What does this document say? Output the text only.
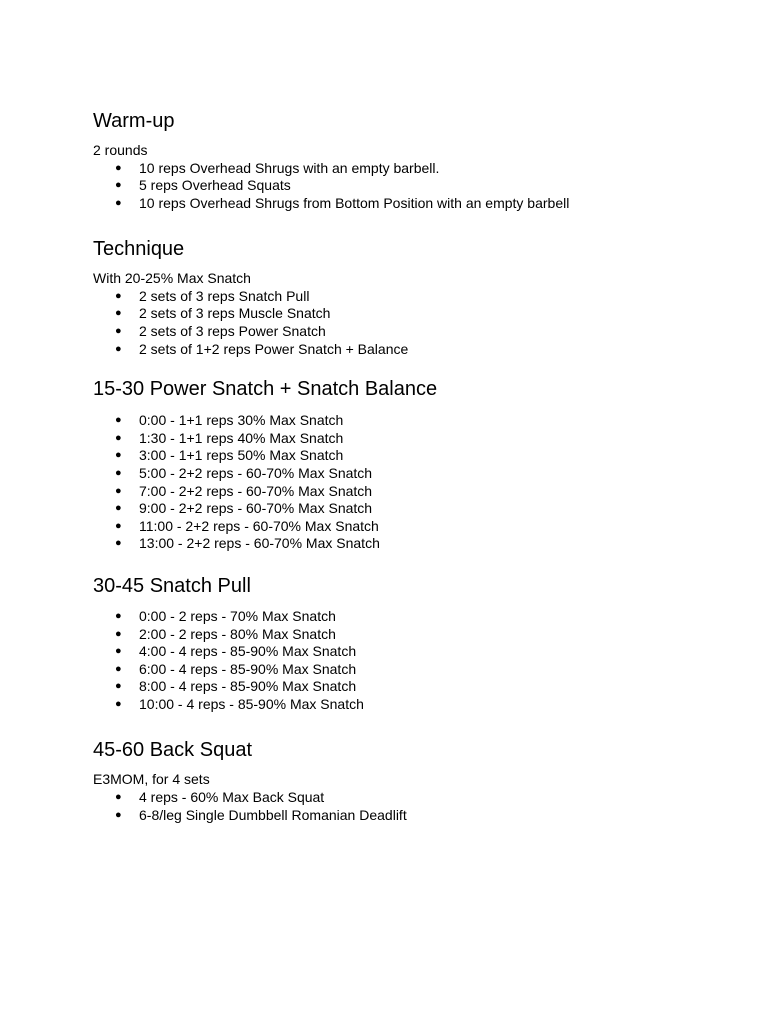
Warm-up

2 rounds

● 10 reps Overhead Shrugs with an empty barbell.
● 5 reps Overhead Squats
● 10 reps Overhead Shrugs from Bottom Position with an empty barbell
Technique

With 20-25% Max Snatch

● 2 sets of 3 reps Snatch Pull
● 2 sets of 3 reps Muscle Snatch
● 2 sets of 3 reps Power Snatch
● 2 sets of 1+2 reps Power Snatch + Balance
15-30 Power Snatch + Snatch Balance
● 0:00 - 1+1 reps 30% Max Snatch
● 1:30 - 1+1 reps 40% Max Snatch
● 3:00 - 1+1 reps 50% Max Snatch
● 5:00 - 2+2 reps - 60-70% Max Snatch
● 7:00 - 2+2 reps - 60-70% Max Snatch
● 9:00 - 2+2 reps - 60-70% Max Snatch
● 11:00 - 2+2 reps - 60-70% Max Snatch
● 13:00 - 2+2 reps - 60-70% Max Snatch
30-45 Snatch Pull
● 0:00 - 2 reps - 70% Max Snatch
● 2:00 - 2 reps - 80% Max Snatch
● 4:00 - 4 reps - 85-90% Max Snatch
● 6:00 - 4 reps - 85-90% Max Snatch
● 8:00 - 4 reps - 85-90% Max Snatch
● 10:00 - 4 reps - 85-90% Max Snatch
45-60 Back Squat

E3MOM, for 4 sets

● 4 reps - 60% Max Back Squat
● 6-8/leg Single Dumbbell Romanian Deadlift
